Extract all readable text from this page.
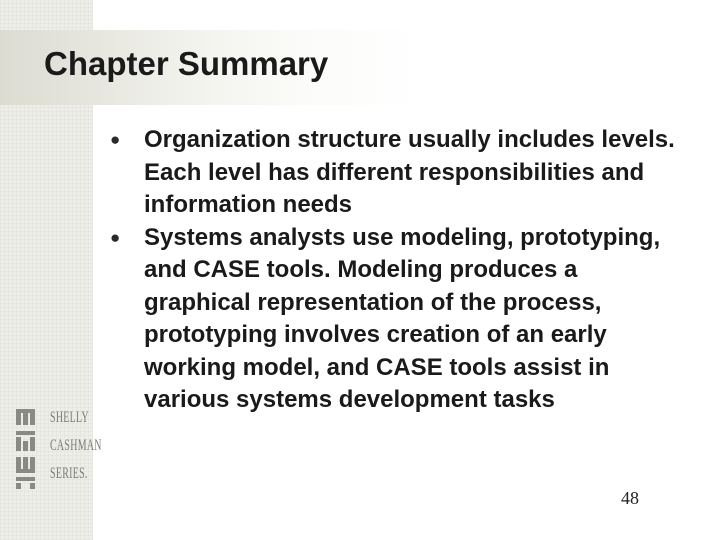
Chapter Summary
● Organization structure usually includes levels. Each level has different responsibilities and information needs
● Systems analysts use modeling, prototyping, and CASE tools. Modeling produces a graphical representation of the process, prototyping involves creation of an early working model, and CASE tools assist in various systems development tasks
SHELLY
CASHMAN
SERIES.
48
